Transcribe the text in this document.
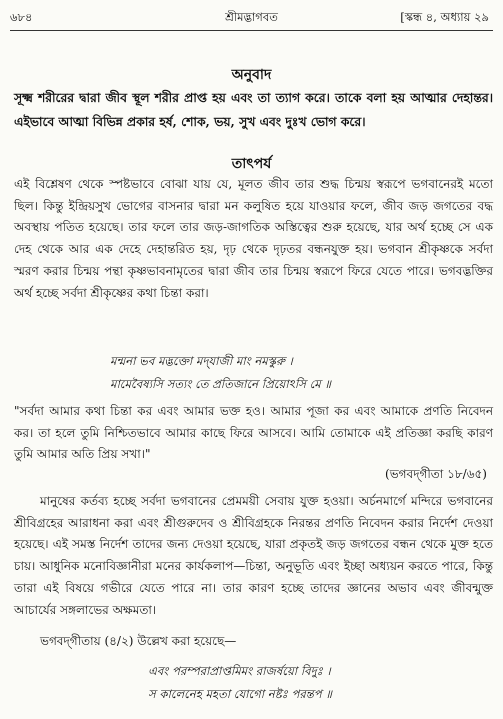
৬৮৪	শ্রীমদ্ভাগবত	[স্কন্ধ ৪, অধ্যায় ২৯
অনুবাদ
সূক্ষ্ম শরীরের দ্বারা জীব স্থূল শরীর প্রাপ্ত হয় এবং তা ত্যাগ করে। তাকে বলা হয় আত্মার দেহান্তর। এইভাবে আত্মা বিভিন্ন প্রকার হর্ষ, শোক, ভয়, সুখ এবং দুঃখ ভোগ করে।
তাৎপর্য
এই বিশ্লেষণ থেকে স্পষ্টভাবে বোঝা যায় যে, মূলত জীব তার শুদ্ধ চিন্ময় স্বরূপে ভগবানেরই মতো ছিল। কিন্তু ইন্দ্রিয়সুখ ভোগের বাসনার দ্বারা মন কলুষিত হয়ে যাওয়ার ফলে, জীব জড় জগতের বদ্ধ অবস্থায় পতিত হয়েছে। তার ফলে তার জড়-জাগতিক অস্তিত্বের শুরু হয়েছে, যার অর্থ হচ্ছে সে এক দেহ থেকে আর এক দেহে দেহান্তরিত হয়, দৃঢ় থেকে দৃঢ়তর বন্ধনযুক্ত হয়। ভগবান শ্রীকৃষ্ণকে সর্বদা স্মরণ করার চিন্ময় পন্থা কৃষ্ণভাবনামৃতের দ্বারা জীব তার চিন্ময় স্বরূপে ফিরে যেতে পারে। ভগবদ্ভক্তির অর্থ হচ্ছে সর্বদা শ্রীকৃষ্ণের কথা চিন্তা করা।
মন্মনা ভব মদ্ভক্তো মদ্‌যাজী মাং নমস্কুরু ।
মামেবৈষ্যসি সত্যং তে প্রতিজানে প্রিয়োঽসি মে ॥
"সর্বদা আমার কথা চিন্তা কর এবং আমার ভক্ত হও। আমার পূজা কর এবং আমাকে প্রণতি নিবেদন কর। তা হলে তুমি নিশ্চিতভাবে আমার কাছে ফিরে আসবে। আমি তোমাকে এই প্রতিজ্ঞা করছি কারণ তুমি আমার অতি প্রিয় সখা।"
(ভগবদ্‌গীতা ১৮/৬৫)
মানুষের কর্তব্য হচ্ছে সর্বদা ভগবানের প্রেমময়ী সেবায় যুক্ত হওয়া। অর্চনমার্গে মন্দিরে ভগবানের শ্রীবিগ্রহের আরাধনা করা এবং শ্রীগুরুদেব ও শ্রীবিগ্রহকে নিরন্তর প্রণতি নিবেদন করার নির্দেশ দেওয়া হয়েছে। এই সমস্ত নির্দেশ তাদের জন্য দেওয়া হয়েছে, যারা প্রকৃতই জড় জগতের বন্ধন থেকে মুক্ত হতে চায়। আধুনিক মনোবিজ্ঞানীরা মনের কার্যকলাপ—চিন্তা, অনুভূতি এবং ইচ্ছা অধ্যয়ন করতে পারে, কিন্তু তারা এই বিষয়ে গভীরে যেতে পারে না। তার কারণ হচ্ছে তাদের জ্ঞানের অভাব এবং জীবন্মুক্ত আচার্যের সঙ্গলাভের অক্ষমতা।
ভগবদ্‌গীতায় (৪/২) উল্লেখ করা হয়েছে—
এবং পরম্পরাপ্রাপ্তমিমং রাজর্ষয়ো বিদুঃ ।
স কালেনেহ মহতা যোগো নষ্টঃ পরন্তপ ॥
